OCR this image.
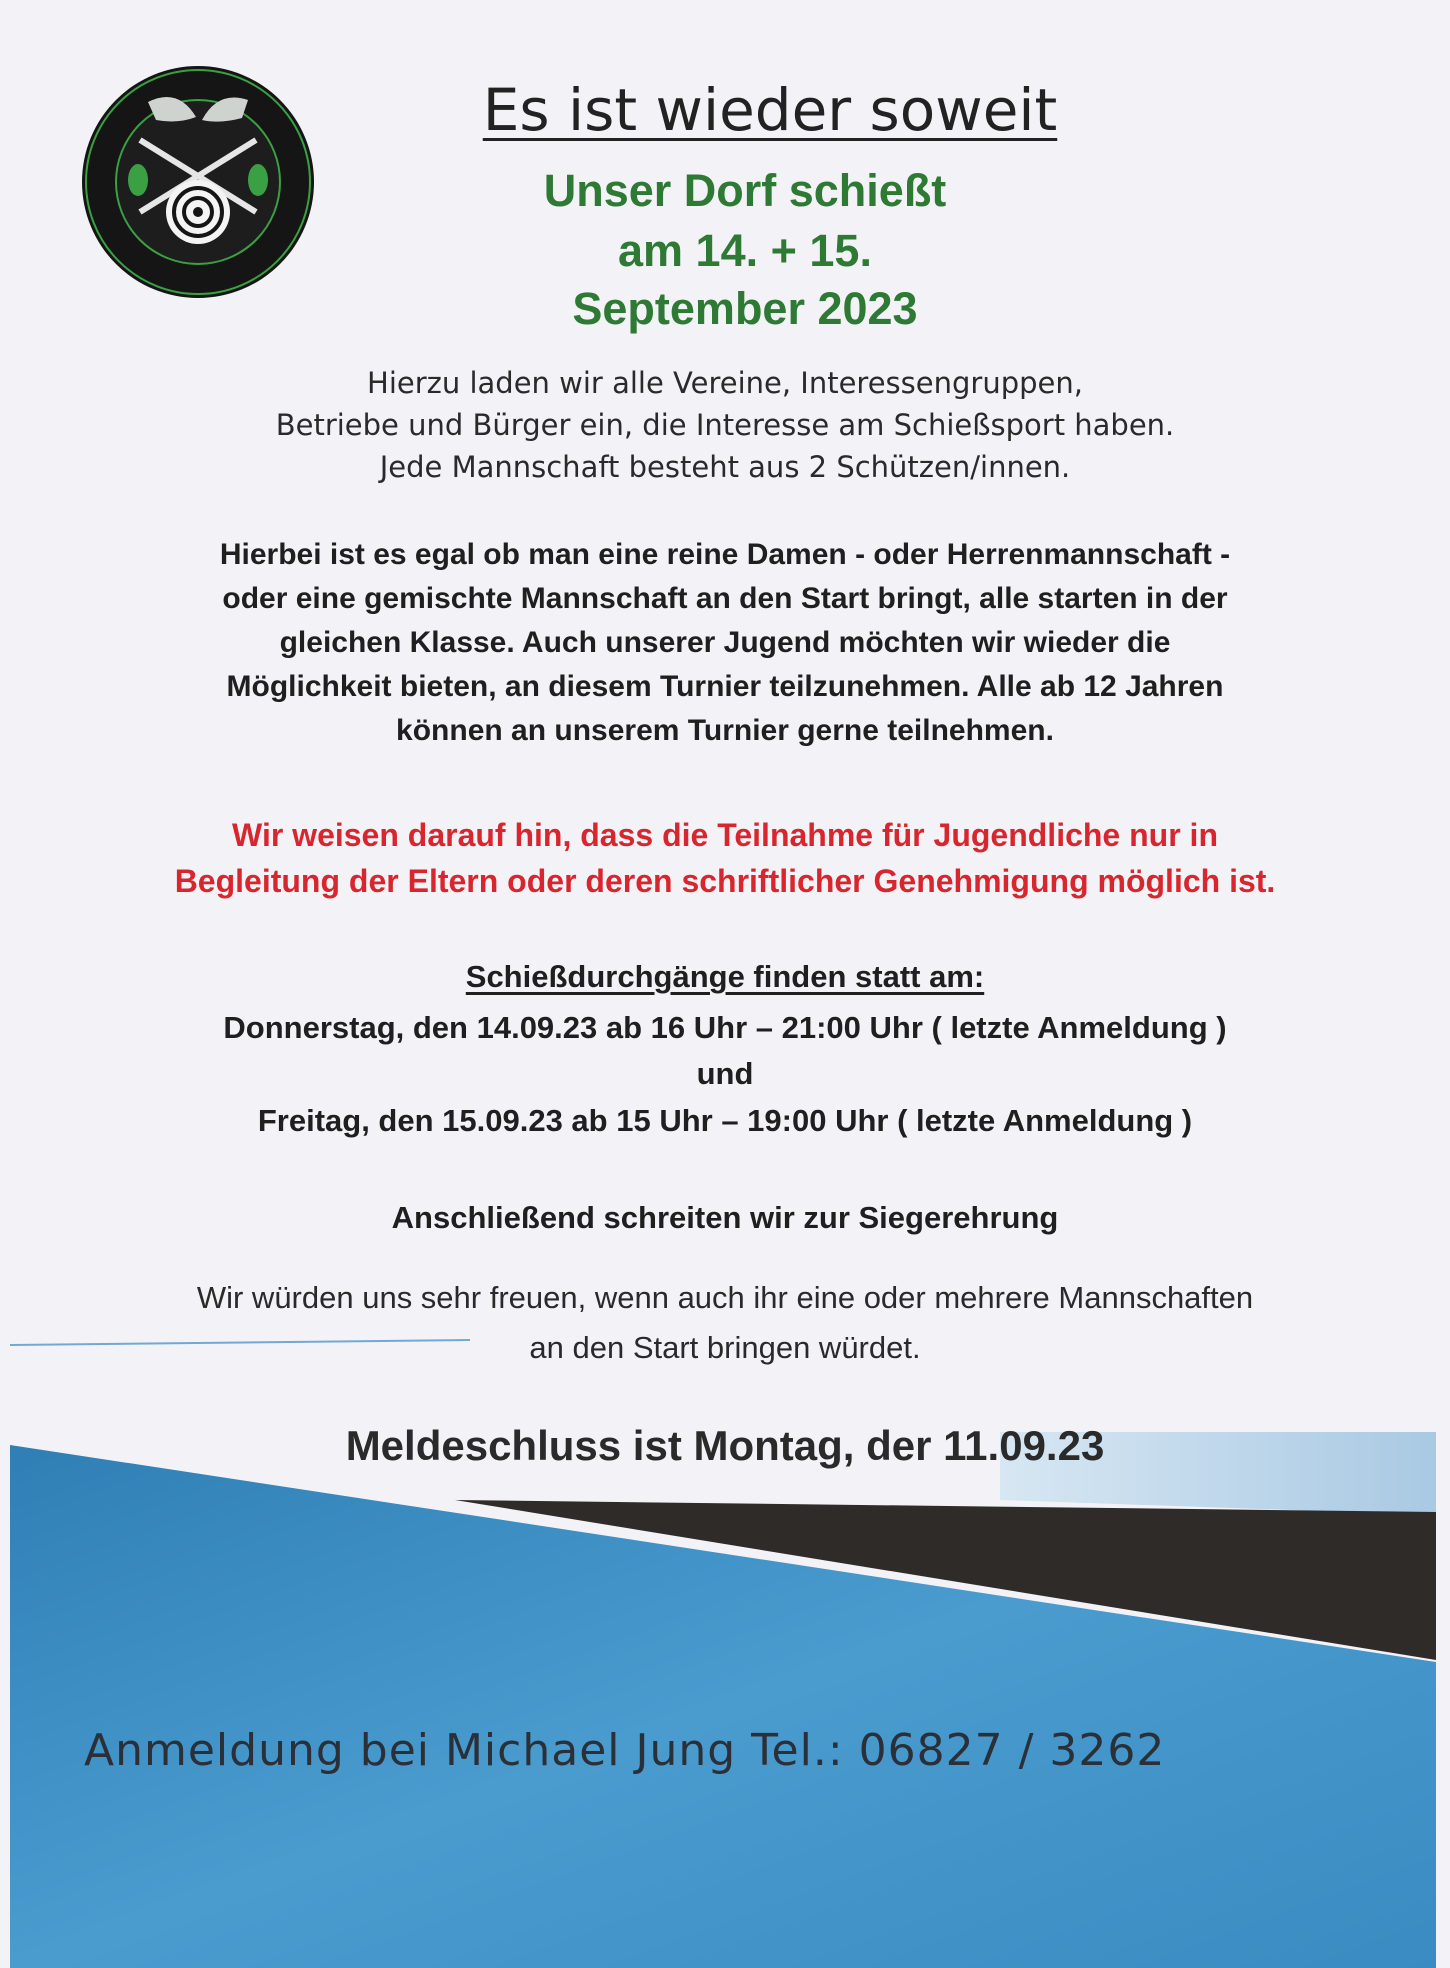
Es ist wieder soweit

Unser Dorf schießt

am 14. + 15.

September 2023

Hierzu laden wir alle Vereine, Interessengruppen,

Betriebe und Bürger ein, die Interesse am Schießsport haben.

Jede Mannschaft besteht aus 2 Schützen/innen.

Hierbei ist es egal ob man eine reine Damen - oder Herrenmannschaft -

oder eine gemischte Mannschaft an den Start bringt, alle starten in der

gleichen Klasse. Auch unserer Jugend möchten wir wieder die

Möglichkeit bieten, an diesem Turnier teilzunehmen. Alle ab 12 Jahren

können an unserem Turnier gerne teilnehmen.

Wir weisen darauf hin, dass die Teilnahme für Jugendliche nur in

Begleitung der Eltern oder deren schriftlicher Genehmigung möglich ist.

Schießdurchgänge finden statt am:

Donnerstag, den 14.09.23 ab 16 Uhr – 21:00 Uhr ( letzte Anmeldung )

und

Freitag, den 15.09.23 ab 15 Uhr – 19:00 Uhr ( letzte Anmeldung )

Anschließend schreiten wir zur Siegerehrung

Wir würden uns sehr freuen, wenn auch ihr eine oder mehrere Mannschaften

an den Start bringen würdet.

Meldeschluss ist Montag, der 11.09.23

Anmeldung bei Michael Jung Tel.: 06827 / 3262
